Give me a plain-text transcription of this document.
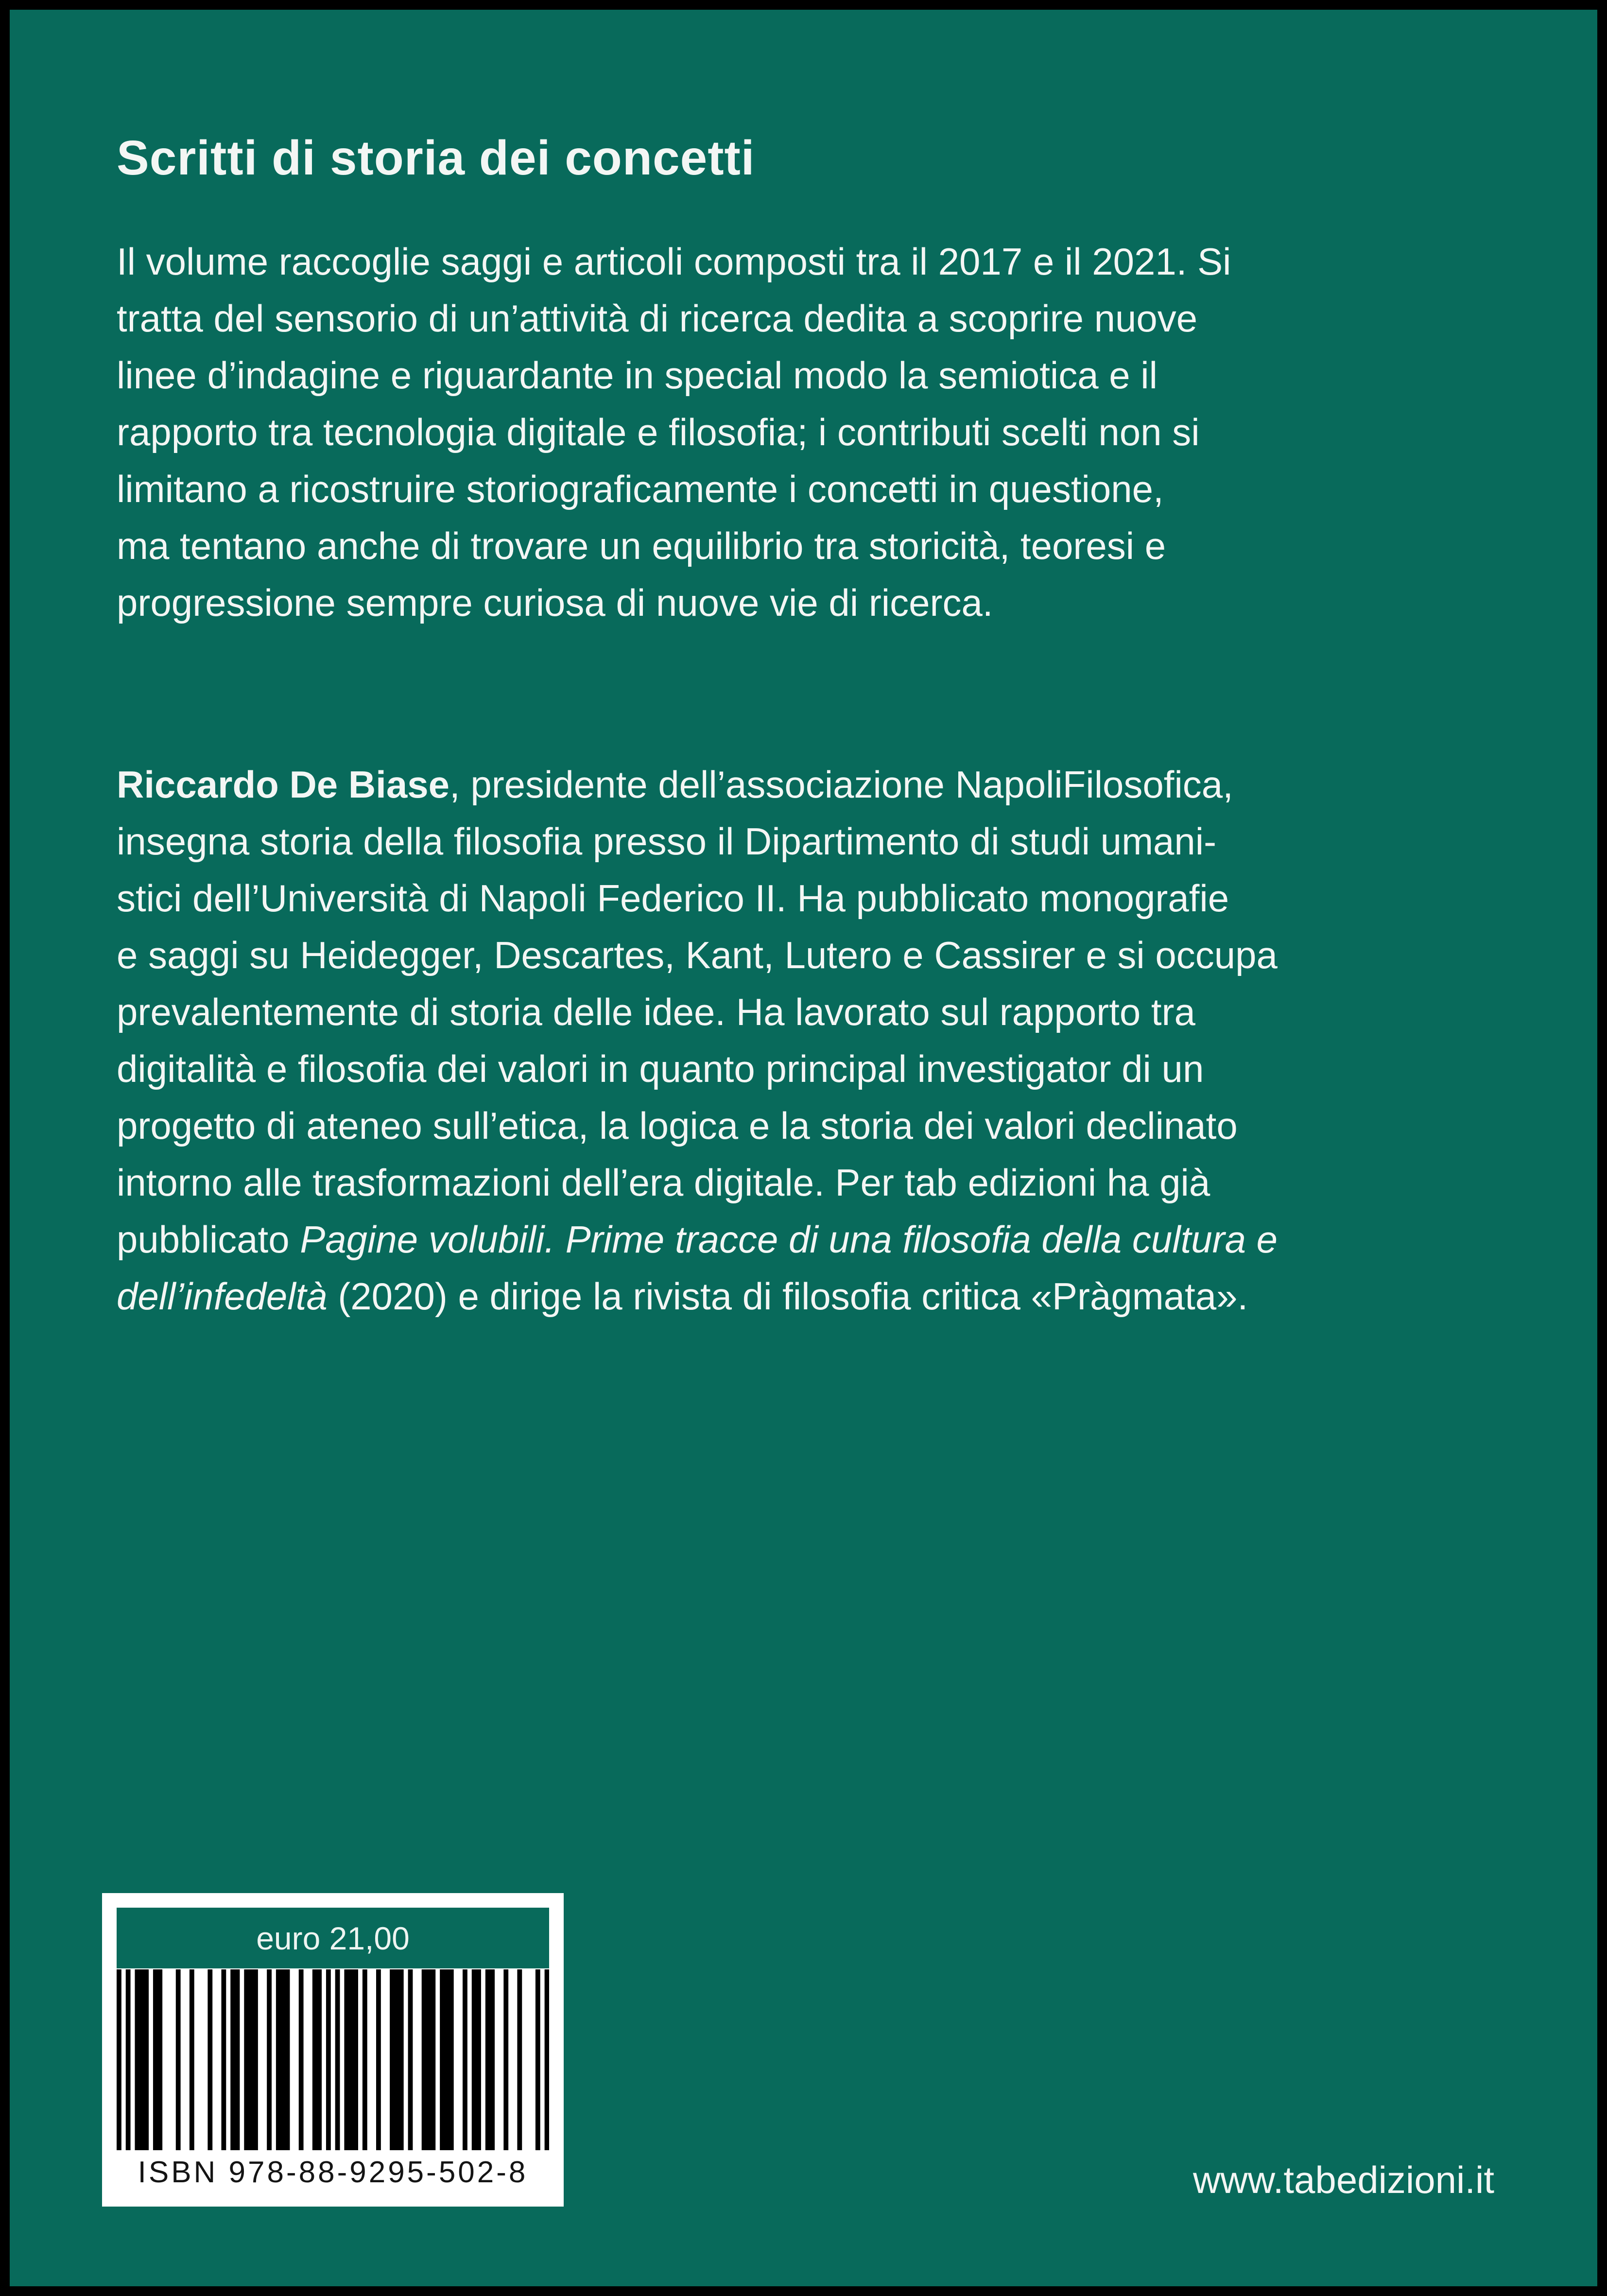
Scritti di storia dei concetti
Il volume raccoglie saggi e articoli composti tra il 2017 e il 2021. Si
tratta del sensorio di un’attività di ricerca dedita a scoprire nuove
linee d’indagine e riguardante in special modo la semiotica e il
rapporto tra tecnologia digitale e filosofia; i contributi scelti non si
limitano a ricostruire storiograficamente i concetti in questione,
ma tentano anche di trovare un equilibrio tra storicità, teoresi e
progressione sempre curiosa di nuove vie di ricerca.
Riccardo De Biase, presidente dell’associazione NapoliFilosofica,
insegna storia della filosofia presso il Dipartimento di studi umani-
stici dell’Università di Napoli Federico II. Ha pubblicato monografie
e saggi su Heidegger, Descartes, Kant, Lutero e Cassirer e si occupa
prevalentemente di storia delle idee. Ha lavorato sul rapporto tra
digitalità e filosofia dei valori in quanto principal investigator di un
progetto di ateneo sull’etica, la logica e la storia dei valori declinato
intorno alle trasformazioni dell’era digitale. Per tab edizioni ha già
pubblicato Pagine volubili. Prime tracce di una filosofia della cultura e
dell’infedeltà (2020) e dirige la rivista di filosofia critica «Pràgmata».
euro 21,00
ISBN 978-88-9295-502-8	www.tabedizioni.it
